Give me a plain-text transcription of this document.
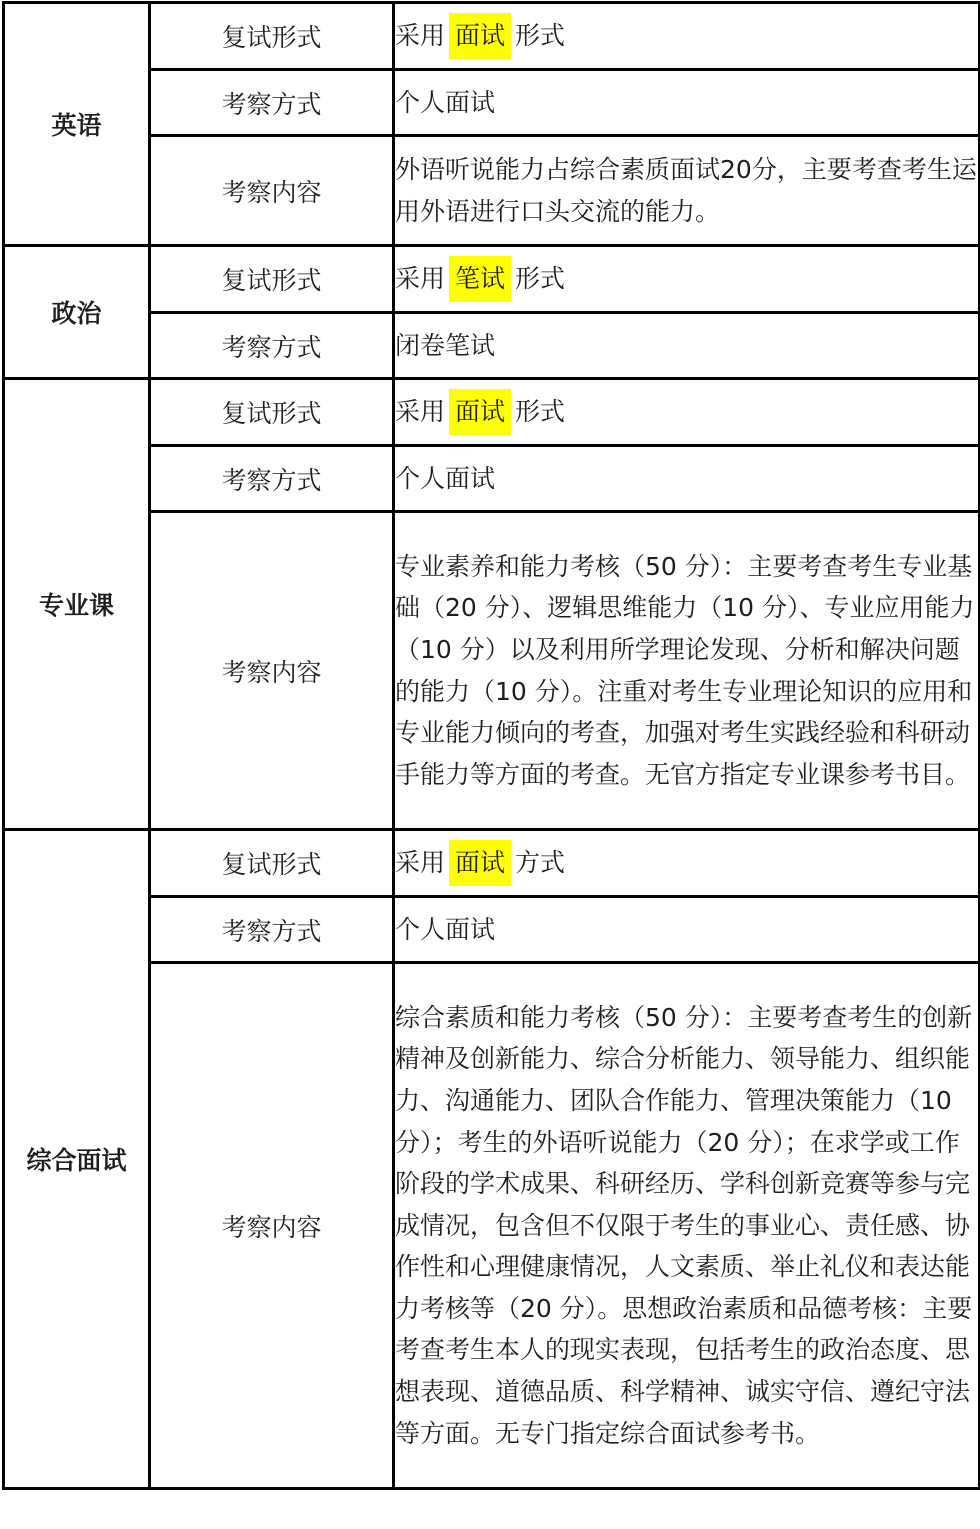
英语	复试形式	采用 面试 形式
	考察方式	个人面试
	考察内容	外语听说能力占综合素质面试20分，主要考查考生运用外语进行口头交流的能力。
政治	复试形式	采用 笔试 形式
	考察方式	闭卷笔试
专业课	复试形式	采用 面试 形式
	考察方式	个人面试
	考察内容	专业素养和能力考核（50 分）：主要考查考生专业基础（20 分）、逻辑思维能力（10 分）、专业应用能力（10 分）以及利用所学理论发现、分析和解决问题的能力（10 分）。注重对考生专业理论知识的应用和专业能力倾向的考查，加强对考生实践经验和科研动手能力等方面的考查。无官方指定专业课参考书目。
综合面试	复试形式	采用 面试 方式
	考察方式	个人面试
	考察内容	综合素质和能力考核（50 分）：主要考查考生的创新精神及创新能力、综合分析能力、领导能力、组织能力、沟通能力、团队合作能力、管理决策能力（10 分）；考生的外语听说能力（20 分）；在求学或工作阶段的学术成果、科研经历、学科创新竞赛等参与完成情况，包含但不仅限于考生的事业心、责任感、协作性和心理健康情况，人文素质、举止礼仪和表达能力考核等（20 分）。思想政治素质和品德考核：主要考查考生本人的现实表现，包括考生的政治态度、思想表现、道德品质、科学精神、诚实守信、遵纪守法等方面。无专门指定综合面试参考书。
